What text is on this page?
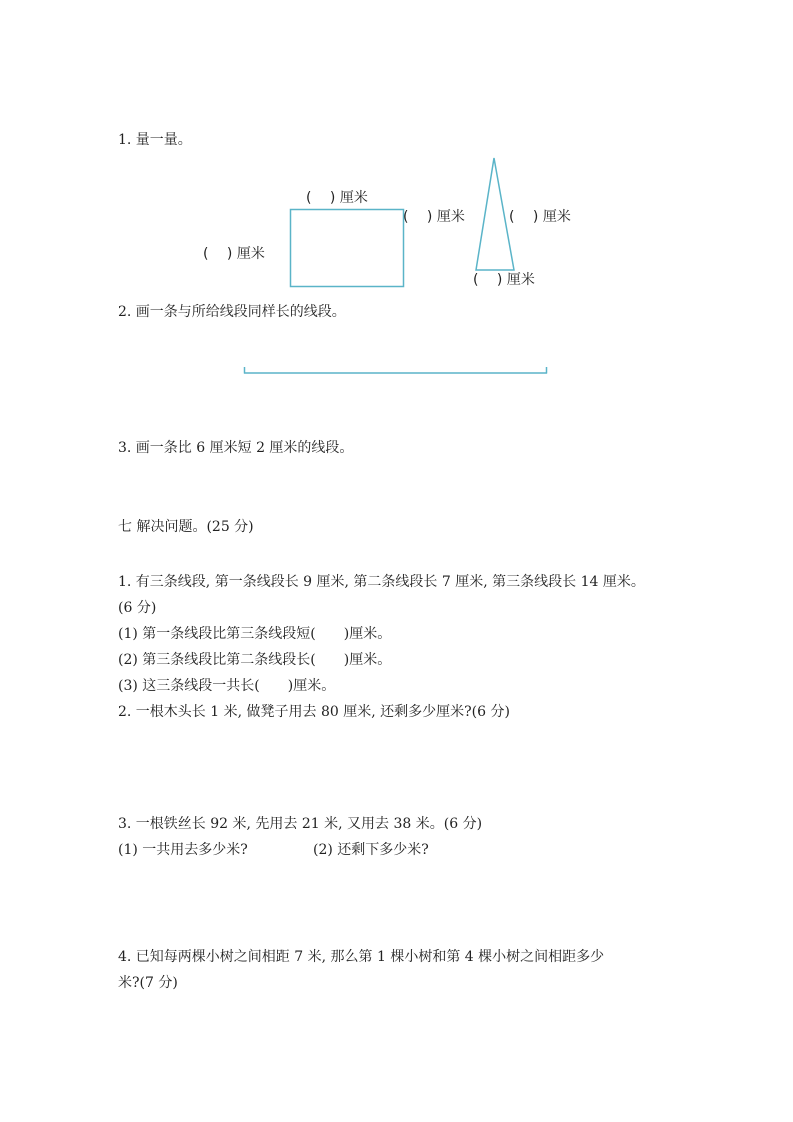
1. 量一量。
(　 ) 厘米
(　 ) 厘米
(　 ) 厘米	(　 ) 厘米
(　 ) 厘米
2. 画一条与所给线段同样长的线段。
3. 画一条比 6 厘米短 2 厘米的线段。
七 解决问题。(25 分)
1. 有三条线段, 第一条线段长 9 厘米, 第二条线段长 7 厘米, 第三条线段长 14 厘米。
(6 分)
(1) 第一条线段比第三条线段短(　　)厘米。
(2) 第三条线段比第二条线段长(　　)厘米。
(3) 这三条线段一共长(　　)厘米。
2. 一根木头长 1 米, 做凳子用去 80 厘米, 还剩多少厘米?(6 分)
3. 一根铁丝长 92 米, 先用去 21 米, 又用去 38 米。(6 分)
(1) 一共用去多少米?	(2) 还剩下多少米?
4. 已知每两棵小树之间相距 7 米, 那么第 1 棵小树和第 4 棵小树之间相距多少
米?(7 分)
